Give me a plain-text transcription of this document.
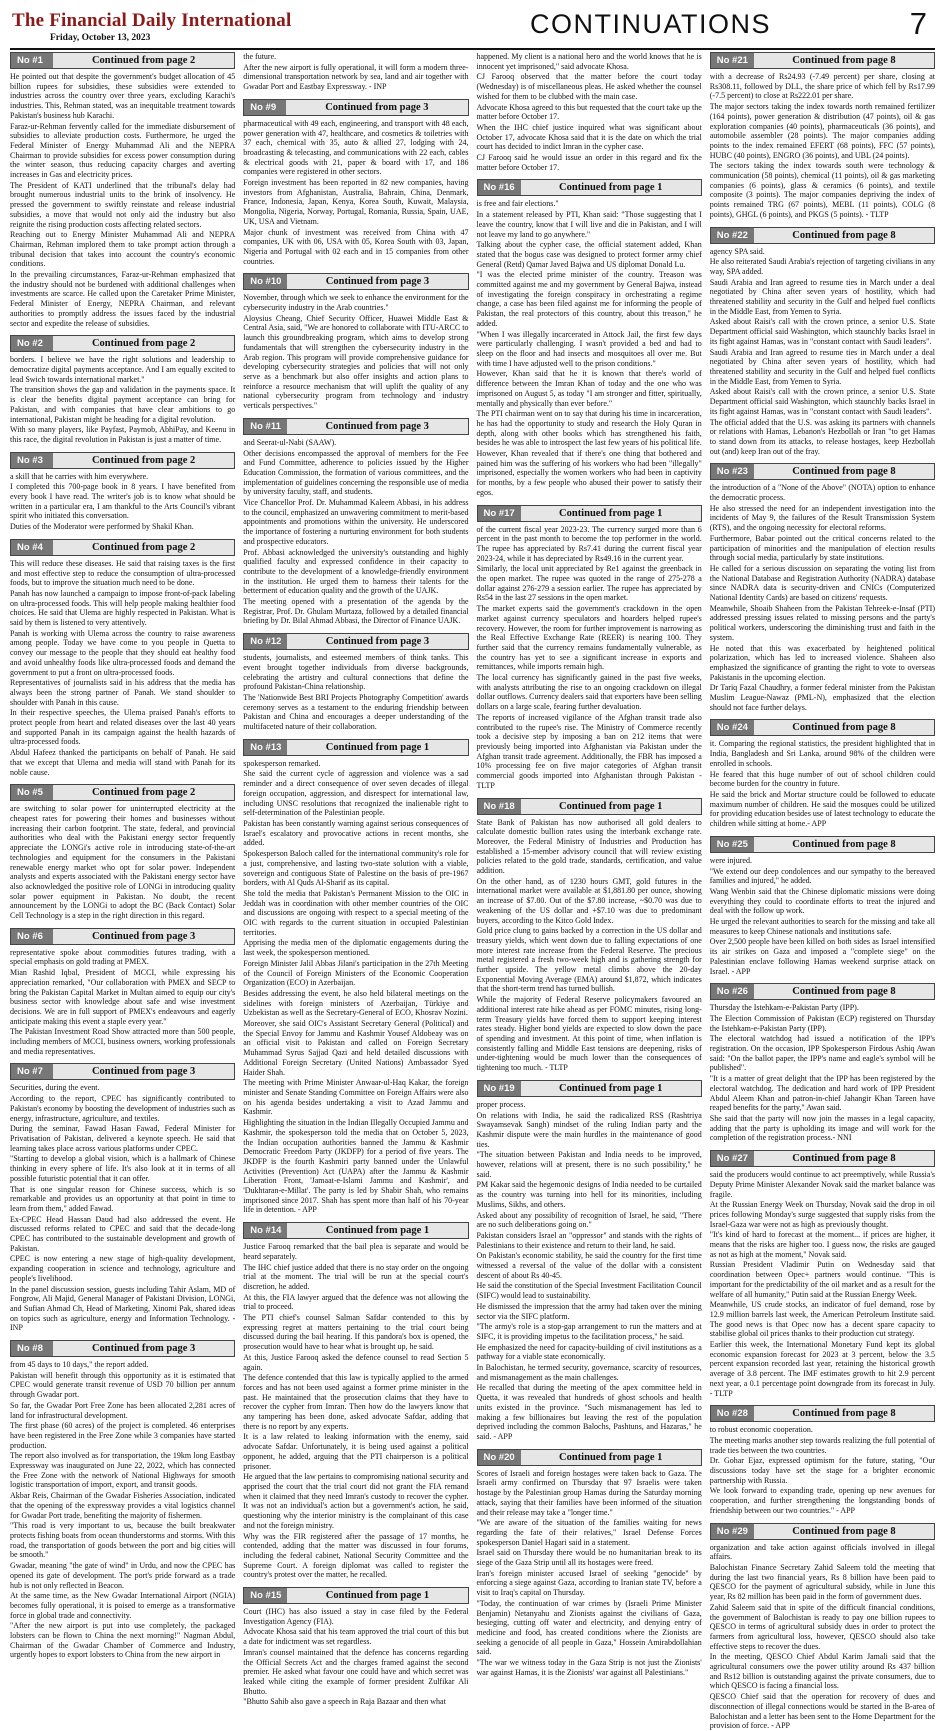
The Financial Daily International
Friday, October 13, 2023	CONTINUATIONS	7
No #1	Continued from page 2

He pointed out that despite the government's budget allocation of 45 billion rupees for subsidies, these subsidies were extended to industries across the country over three years, excluding Karachi's industries. This, Rehman stated, was an inequitable treatment towards Pakistan's business hub Karachi.

Faraz-ur-Rehman fervently called for the immediate disbursement of subsidies to alleviate production costs. Furthermore, he urged the Federal Minister of Energy Muhammad Ali and the NEPRA Chairman to provide subsidies for excess power consumption during the winter season, thus reducing capacity charges and averting increases in Gas and electricity prices.

The President of KATI underlined that the tribunal's delay had brought numerous industrial units to the brink of insolvency. He pressed the government to swiftly reinstate and release industrial subsidies, a move that would not only aid the industry but also reignite the rising production costs affecting related sectors.

Reaching out to Energy Minister Muhammad Ali and NEPRA Chairman, Rehman implored them to take prompt action through a tribunal decision that takes into account the country's economic conditions.

In the prevailing circumstances, Faraz-ur-Rehman emphasized that the industry should not be burdened with additional challenges when investments are scarce. He called upon the Caretaker Prime Minister, Federal Minister of Energy, NEPRA Chairman, and relevant authorities to promptly address the issues faced by the industrial sector and expedite the release of subsidies.

No #2	Continued from page 2

borders. I believe we have the right solutions and leadership to democratize digital payments acceptance. And I am equally excited to lead Swich towards international market."

The transition shows the gap and validation in the payments space. It is clear the benefits digital payment acceptance can bring for Pakistan, and with companies that have clear ambitions to go international, Pakistan might be heading for a digital revolution.

With so many players, like Payfast, Paymob, AbhiPay, and Keenu in this race, the digital revolution in Pakistan is just a matter of time.

No #3	Continued from page 2

a skill that he carries with him everywhere.

I completed this 700-page book in 8 years. I have benefited from every book I have read. The writer's job is to know what should be written in a particular era, I am thankful to the Arts Council's vibrant spirit who initiated this conversation.

Duties of the Moderator were performed by Shakil Khan.

No #4	Continued from page 2

This will reduce these diseases. He said that raising taxes is the first and most effective step to reduce the consumption of ultra-processed foods, but to improve the situation much need to be done.

Panah has now launched a campaign to impose front-of-pack labeling on ultra-processed foods. This will help people making healthier food choices. He said that Ulema are highly respected in Pakistan. What is said by them is listened to very attentively.

Panah is working with Ulema across the country to raise awareness among people. Today we have come to you people in Quetta to convey our message to the people that they should eat healthy food and avoid unhealthy foods like ultra-processed foods and demand the government to put a front on ultra-processed foods.

Representatives of journalists said in his address that the media has always been the strong partner of Panah. We stand shoulder to shoulder with Panah in this cause.

In their respective speeches, the Ulema praised Panah's efforts to protect people from heart and related diseases over the last 40 years and supported Panah in its campaign against the health hazards of ultra-processed foods.

Abdul Hafeez thanked the participants on behalf of Panah. He said that we except that Ulema and media will stand with Panah for its noble cause.

No #5	Continued from page 2

are switching to solar power for uninterrupted electricity at the cheapest rates for powering their homes and businesses without increasing their carbon footprint. The state, federal, and provincial authorities who deal with the Pakistani energy sector frequently appreciate the LONGi's active role in introducing state-of-the-art technologies and equipment for the consumers in the Pakistani renewable energy market who opt for solar power. Independent analysts and experts associated with the Pakistani energy sector have also acknowledged the positive role of LONGi in introducing quality solar power equipment in Pakistan. No doubt, the recent announcement by the LONGi to adopt the BC (Back Contact) Solar Cell Technology is a step in the right direction in this regard.

No #6	Continued from page 3

representative spoke about commodities futures trading, with a special emphasis on gold trading at PMEX.

Mian Rashid Iqbal, President of MCCI, while expressing his appreciation remarked, "Our collaboration with PMEX and SECP to bring the Pakistan Capital Market in Multan aimed to equip our city's business sector with knowledge about safe and wise investment decisions. We are in full support of PMEX's endeavours and eagerly anticipate making this event a staple every year."

The Pakistan Investment Road Show attracted more than 500 people, including members of MCCI, business owners, working professionals and media representatives.

No #7	Continued from page 3

Securities, during the event.

According to the report, CPEC has significantly contributed to Pakistan's economy by boosting the development of industries such as energy, infrastructure, agriculture, and textiles.

During the seminar, Fawad Hasan Fawad, Federal Minister for Privatisation of Pakistan, delivered a keynote speech. He said that learning takes place across various platforms under CPEC.

"Starting to develop a global vision, which is a hallmark of Chinese thinking in every sphere of life. It's also look at it in terms of all possible futuristic potential that it can offer.

That is one singular reason for Chinese success, which is so remarkable and provides us an opportunity at that point in time to learn from them," added Fawad.

Ex-CPEC Head Hassan Daud had also addressed the event. He discussed reforms related to CPEC and said that the decade-long CPEC has contributed to the sustainable development and growth of Pakistan.

CPEC is now entering a new stage of high-quality development, expanding cooperation in science and technology, agriculture and people's livelihood.

In the panel discussion session, guests including Tahir Aslam, MD of Fongrow, Ali Majid, General Manager of Pakistani Division, LONGi, and Sufian Ahmad Ch, Head of Marketing, Xinomi Pak, shared ideas on topics such as agriculture, energy and Information Technology. - INP

No #8	Continued from page 3

from 45 days to 10 days," the report added.

Pakistan will benefit through this opportunity as it is estimated that CPEC would generate transit revenue of USD 70 billion per annum through Gwadar port.

So far, the Gwadar Port Free Zone has been allocated 2,281 acres of land for infrastructural development.

The first phase (60 acres) of the project is completed. 46 enterprises have been registered in the Free Zone while 3 companies have started production.

The report also involved as for transportation, the 19km long Eastbay Expressway was inaugurated on June 22, 2022, which has connected the Free Zone with the network of National Highways for smooth logistic transportation of import, export, and transit goods.

Akbar Reis, Chairman of the Gwadar Fisheries Association, indicated that the opening of the expressway provides a vital logistics channel for Gwadar Port trade, benefiting the majority of fishermen.

"This road is very important to us, because the built breakwater protects fishing boats from ocean thunderstorms and storms. With this road, the transportation of goods between the port and big cities will be smooth."

Gwadar, meaning "the gate of wind" in Urdu, and now the CPEC has opened its gate of development. The port's pride forward as a trade hub is not only reflected in Beacon.

At the same time, as the New Gwadar International Airport (NGIA) becomes fully operational, it is poised to emerge as a transformative force in global trade and connectivity.

"After the new airport is put into use completely, the packaged lobsters can be flown to China the next morning!" Nagman Abdul, Chairman of the Gwadar Chamber of Commerce and Industry, urgently hopes to export lobsters to China from the new airport in

the future.

After the new airport is fully operational, it will form a modern three-dimensional transportation network by sea, land and air together with Gwadar Port and Eastbay Expressway. - INP

No #9	Continued from page 3

pharmaceutical with 49 each, engineering, and transport with 48 each, power generation with 47, healthcare, and cosmetics & toiletries with 37 each, chemical with 35, auto & allied 27, lodging with 24, broadcasting & telecasting, and communications with 22 each, cables & electrical goods with 21, paper & board with 17, and 186 companies were registered in other sectors.

Foreign investment has been reported in 82 new companies, having investors from Afghanistan, Australia, Bahrain, China, Denmark, France, Indonesia, Japan, Kenya, Korea South, Kuwait, Malaysia, Mongolia, Nigeria, Norway, Portugal, Romania, Russia, Spain, UAE, UK, USA and Vietnam.

Major chunk of investment was received from China with 47 companies, UK with 06, USA with 05, Korea South with 03, Japan, Nigeria and Portugal with 02 each and in 15 companies from other countries.

No #10	Continued from page 3

November, through which we seek to enhance the environment for the cybersecurity industry in the Arab countries."

Aloysius Cheang, Chief Security Officer, Huawei Middle East & Central Asia, said, "We are honored to collaborate with ITU-ARCC to launch this groundbreaking program, which aims to develop strong fundamentals that will strengthen the cybersecurity industry in the Arab region. This program will provide comprehensive guidance for developing cybersecurity strategies and policies that will not only serve as a benchmark but also offer insights and action plans to reinforce a resource mechanism that will uplift the quality of any national cybersecurity program from technology and industry verticals perspectives."

No #11	Continued from page 3

and Seerat-ul-Nabi (SAAW).

Other decisions encompassed the approval of members for the Fee and Fund Committee, adherence to policies issued by the Higher Education Commission, the formation of various committees, and the implementation of guidelines concerning the responsible use of media by university faculty, staff, and students.

Vice Chancellor Prof. Dr. Muhammad Kaleem Abbasi, in his address to the council, emphasized an unwavering commitment to merit-based appointments and promotions within the university. He underscored the importance of fostering a nurturing environment for both students and prospective educators.

Prof. Abbasi acknowledged the university's outstanding and highly qualified faculty and expressed confidence in their capacity to contribute to the development of a knowledge-friendly environment in the institution. He urged them to harness their talents for the betterment of education quality and the growth of the UAJK.

The meeting opened with a presentation of the agenda by the Registrar, Prof. Dr. Ghulam Murtaza, followed by a detailed financial briefing by Dr. Bilal Ahmad Abbasi, the Director of Finance UAJK.

No #12	Continued from page 3

students, journalists, and esteemed members of think tanks. This event brought together individuals from diverse backgrounds, celebrating the artistry and cultural connections that define the profound Pakistan-China relationship.

The 'Nationwide Best BRI Projects Photography Competition' awards ceremony serves as a testament to the enduring friendship between Pakistan and China and encourages a deeper understanding of the multifaceted nature of their collaboration.

No #13	Continued from page 1

spokesperson remarked.

She said the current cycle of aggression and violence was a sad reminder and a direct consequence of over seven decades of illegal foreign occupation, aggression, and disrespect for international law, including UNSC resolutions that recognized the inalienable right to self-determination of the Palestinian people.

Pakistan has been constantly warning against serious consequences of Israel's escalatory and provocative actions in recent months, she added.

Spokesperson Baloch called for the international community's role for a just, comprehensive, and lasting two-state solution with a viable, sovereign and contiguous State of Palestine on the basis of pre-1967 borders, with Al Quds Al-Sharif as its capital.

She told the media that Pakistan's Permanent Mission to the OIC in Jeddah was in coordination with other member countries of the OIC and discussions are ongoing with respect to a special meeting of the OIC with regards to the current situation in occupied Palestinian territories.

Apprising the media men of the diplomatic engagements during the last week, the spokesperson mentioned.

Foreign Minister Jalil Abbas Jilani's participation in the 27th Meeting of the Council of Foreign Ministers of the Economic Cooperation Organization (ECO) in Azerbaijan.

Besides addressing the event, he also held bilateral meetings on the sidelines with foreign ministers of Azerbaijan, Türkiye and Uzbekistan as well as the Secretary-General of ECO, Khosrav Nozini.

Moreover, she said OIC's Assistant Secretary General (Political) and the Special Envoy for Jammu and Kashmir Yousef Aldobeay was on an official visit to Pakistan and called on Foreign Secretary Muhammad Syrus Sajjad Qazi and held detailed discussions with Additional Foreign Secretary (United Nations) Ambassador Syed Haider Shah.

The meeting with Prime Minister Anwaar-ul-Haq Kakar, the foreign minister and Senate Standing Committee on Foreign Affairs were also on his agenda besides undertaking a visit to Azad Jammu and Kashmir.

Highlighting the situation in the Indian Illegally Occupied Jammu and Kashmir, the spokesperson told the media that on October 5, 2023, the Indian occupation authorities banned the Jammu & Kashmir Democratic Freedom Party (JKDFP) for a period of five years. The JKDFP is the fourth Kashmiri party banned under the Unlawful Activities (Prevention) Act (UAPA) after the Jammu & Kashmir Liberation Front, 'Jamaat-e-Islami Jammu and Kashmir', and 'Dukhtaran-e-Millat'. The party is led by Shabir Shah, who remains imprisoned since 2017. Shah has spent more than half of his 70-year life in detention. - APP

No #14	Continued from page 1

Justice Farooq remarked that the bail plea is separate and would be heard separately.

The IHC chief justice added that there is no stay order on the ongoing trial at the moment. The trial will be run at the special court's discretion, he added.

At this, the FIA lawyer argued that the defence was not allowing the trial to proceed.

The PTI chief's counsel Salman Safdar contended to this by expressing regret at matters pertaining to the trial court being discussed during the bail hearing. If this pandora's box is opened, the prosecution would have to hear what is brought up, he said.

At this, Justice Farooq asked the defence counsel to read Section 5 again.

The defence contended that this law is typically applied to the armed forces and has not been used against a former prime minister in the past. He maintained that the prosecution claims that they have to recover the cypher from Imran. Then how do the lawyers know that any tampering has been done, asked advocate Safdar, adding that there is no report by any experts.

It is a law related to leaking information with the enemy, said advocate Safdar. Unfortunately, it is being used against a political opponent, he added, arguing that the PTI chairperson is a political prisoner.

He argued that the law pertains to compromising national security and apprised the court that the trial court did not grant the FIA remand when it claimed that they need Imran's custody to recover the cypher. It was not an individual's action but a government's action, he said, questioning why the interior ministry is the complainant of this case and not the foreign ministry.

Why was the FIR registered after the passage of 17 months, he contended, adding that the matter was discussed in four forums, including the federal cabinet, National Security Committee and the Supreme Court. A foreign diplomat was called to register the country's protest over the matter, he recalled.

No #15	Continued from page 1

Court (IHC) has also issued a stay in case filed by the Federal Investigation Agency (FIA).

Advocate Khosa said that his team approved the trial court of this but a date for indictment was set regardless.

Imran's counsel maintained that the defence has concerns regarding the Official Secrets Act and the charges framed against the second premier. He asked what favour one could have and which secret was leaked while citing the example of former president Zulfikar Ali Bhutto.

"Bhutto Sahib also gave a speech in Raja Bazaar and then what

happened. My client is a national hero and the world knows that he is innocent yet imprisoned," said advocate Khosa.

CJ Farooq observed that the matter before the court today (Wednesday) is of miscellaneous pleas. He asked whether the counsel wished for them to be clubbed with the main case.

Advocate Khosa agreed to this but requested that the court take up the matter before October 17.

When the IHC chief justice inquired what was significant about October 17, advocate Khosa said that it is the date on which the trial court has decided to indict Imran in the cypher case.

CJ Farooq said he would issue an order in this regard and fix the matter before October 17.

No #16	Continued from page 1

is free and fair elections."

In a statement released by PTI, Khan said: "Those suggesting that I leave the country, know that I will live and die in Pakistan, and I will not leave my land to go anywhere."

Talking about the cypher case, the official statement added, Khan stated that the bogus case was designed to protect former army chief General (Retd) Qamar Javed Bajwa and US diplomat Donald Lu.

"I was the elected prime minister of the country. Treason was committed against me and my government by General Bajwa, instead of investigating the foreign conspiracy in orchestrating a regime change, a case has been filed against me for informing the people of Pakistan, the real protectors of this country, about this treason," he added.

"When I was illegally incarcerated in Attock Jail, the first few days were particularly challenging. I wasn't provided a bed and had to sleep on the floor and had insects and mosquitoes all over me. But with time I have adjusted well to the prison conditions."

However, Khan said that he it is known that there's world of difference between the Imran Khan of today and the one who was imprisoned on August 5, as today "I am stronger and fitter, spiritually, mentally and physically than ever before."

The PTI chairman went on to say that during his time in incarceration, he has had the opportunity to study and research the Holy Quran in depth, along with other books which has strengthened his faith, besides he was able to introspect the last few years of his political life.

However, Khan revealed that if there's one thing that bothered and pained him was the suffering of his workers who had been "illegally" imprisoned, especially the women workers who had been in captivity for months, by a few people who abused their power to satisfy their egos.

No #17	Continued from page 1

of the current fiscal year 2023-23. The currency surged more than 6 percent in the past month to become the top performer in the world. The rupee has appreciated by Rs7.41 during the current fiscal year 2023-24, while it has depreciated by Rs49.16 in the current year.

Similarly, the local unit appreciated by Re1 against the greenback in the open market. The rupee was quoted in the range of 275-278 a dollar against 276-279 a session earlier. The rupee has appreciated by Rs54 in the last 27 sessions in the open market.

The market experts said the government's crackdown in the open market against currency speculators and hoarders helped rupee's recovery. However, the room for further improvement is narrowing as the Real Effective Exchange Rate (REER) is nearing 100. They further said that the currency remains fundamentally vulnerable, as the country has yet to see a significant increase in exports and remittances, while imports remain high.

The local currency has significantly gained in the past five weeks, with analysts attributing the rise to an ongoing crackdown on illegal dollar outflows. Currency dealers said that exporters have been selling dollars on a large scale, fearing further devaluation.

The reports of increased vigilance of the Afghan transit trade also contributed to the rupee's rise. The Ministry of Commerce recently took a decisive step by imposing a ban on 212 items that were previously being imported into Afghanistan via Pakistan under the Afghan transit trade agreement. Additionally, the FBR has imposed a 10% processing fee on five major categories of Afghan transit commercial goods imported into Afghanistan through Pakistan - TLTP

No #18	Continued from page 1

State Bank of Pakistan has now authorised all gold dealers to calculate domestic bullion rates using the interbank exchange rate. Moreover, the Federal Ministry of Industries and Production has established a 15-member advisory council that will review existing policies related to the gold trade, standards, certification, and value addition.

On the other hand, as of 1230 hours GMT, gold futures in the international market were available at $1,881.80 per ounce, showing an increase of $7.80. Out of the $7.80 increase, ~$0.70 was due to weakening of the US dollar and +$7.10 was due to predominant buyers, according to the Kitco Gold Index.

Gold price clung to gains backed by a correction in the US dollar and treasury yields, which went down due to falling expectations of one more interest rate increase from the Federal Reserve. The precious metal registered a fresh two-week high and is gathering strength for further upside. The yellow metal climbs above the 20-day Exponential Moving Average (EMA) around $1,872, which indicates that the short-term trend has turned bullish.

While the majority of Federal Reserve policymakers favoured an additional interest rate hike ahead as per FOMC minutes, rising long-term Treasury yields have forced them to support keeping interest rates steady. Higher bond yields are expected to slow down the pace of spending and investment. At this point of time, when inflation is consistently falling and Middle East tensions are deepening, risks of under-tightening would be much lower than the consequences of tightening too much. - TLTP

No #19	Continued from page 1

proper process.

On relations with India, he said the radicalized RSS (Rashtriya Swayamsevak Sangh) mindset of the ruling Indian party and the Kashmir dispute were the main hurdles in the maintenance of good ties.

"The situation between Pakistan and India needs to be improved, however, relations will at present, there is no such possibility," he said.

PM Kakar said the hegemonic designs of India needed to be curtailed as the country was turning into hell for its minorities, including Muslims, Sikhs, and others.

Asked about any possibility of recognition of Israel, he said, "There are no such deliberations going on."

Pakistan considers Israel an "oppressor" and stands with the rights of Palestinians to their existence and return to their land, he said.

On Pakistan's economic stability, he said the country for the first time witnessed a reversal of the value of the dollar with a consistent descent of about Rs 40-45.

He said the constitution of the Special Investment Facilitation Council (SIFC) would lead to sustainability.

He dismissed the impression that the army had taken over the mining sector via the SIFC platform.

"The army's role is a stop-gap arrangement to run the matters and at SIFC, it is providing impetus to the facilitation process," he said.

He emphasized the need for capacity-building of civil institutions as a pathway for a viable state economically.

In Balochistan, he termed security, governance, scarcity of resources, and mismanagement as the main challenges.

He recalled that during the meeting of the apex committee held in Quetta, it was revealed that hundreds of ghost schools and health units existed in the province. "Such mismanagement has led to making a few billionaires but leaving the rest of the population deprived including the common Balochs, Pashtuns, and Hazaras," he said. - APP

No #20	Continued from page 1

Scores of Israeli and foreign hostages were taken back to Gaza. The Israeli army confirmed on Thursday that 97 Israelis were taken hostage by the Palestinian group Hamas during the Saturday morning attack, saying that their families have been informed of the situation and their release may take a "longer time."

"We are aware of the situation of the families waiting for news regarding the fate of their relatives," Israel Defense Forces spokesperson Daniel Hagari said in a statement.

Israel said on Thursday there would be no humanitarian break to its siege of the Gaza Strip until all its hostages were freed.

Iran's foreign minister accused Israel of seeking "genocide" by enforcing a siege against Gaza, according to Iranian state TV, before a visit to Iraq's capital on Thursday.

"Today, the continuation of war crimes by (Israeli Prime Minister Benjamin) Netanyahu and Zionists against the civilians of Gaza, besieging, cutting off water and electricity, and denying entry of medicine and food, has created conditions where the Zionists are seeking a genocide of all people in Gaza," Hossein Amirabdollahian said.

"The war we witness today in the Gaza Strip is not just the Zionists' war against Hamas, it is the Zionists' war against all Palestinians."

No #21	Continued from page 8

with a decrease of Rs24.93 (-7.49 percent) per share, closing at Rs308.11, followed by DLL, the share price of which fell by Rs17.99 (-7.5 percent) to close at Rs222.01 per share.

The major sectors taking the index towards north remained fertilizer (164 points), power generation & distribution (47 points), oil & gas exploration companies (40 points), pharmaceuticals (36 points), and automobile assembler (28 points). The major companies adding points to the index remained EFERT (68 points), FFC (57 points), HUBC (40 points), ENGRO (36 points), and UBL (24 points).

The sectors taking the index towards south were technology & communication (58 points), chemical (11 points), oil & gas marketing companies (6 points), glass & ceramics (6 points), and textile composite (3 points). The major companies depriving the index of points remained TRG (67 points), MEBL (11 points), COLG (8 points), GHGL (6 points), and PKGS (5 points). - TLTP

No #22	Continued from page 8

agency SPA said.

He also reiterated Saudi Arabia's rejection of targeting civilians in any way, SPA added.

Saudi Arabia and Iran agreed to resume ties in March under a deal negotiated by China after seven years of hostility, which had threatened stability and security in the Gulf and helped fuel conflicts in the Middle East, from Yemen to Syria.

Asked about Raisi's call with the crown prince, a senior U.S. State Department official said Washington, which staunchly backs Israel in its fight against Hamas, was in "constant contact with Saudi leaders".

Saudi Arabia and Iran agreed to resume ties in March under a deal negotiated by China after seven years of hostility, which had threatened stability and security in the Gulf and helped fuel conflicts in the Middle East, from Yemen to Syria.

Asked about Raisi's call with the crown prince, a senior U.S. State Department official said Washington, which staunchly backs Israel in its fight against Hamas, was in "constant contact with Saudi leaders".

The official added that the U.S. was asking its partners with channels or relations with Hamas, Lebanon's Hezbollah or Iran "to get Hamas to stand down from its attacks, to release hostages, keep Hezbollah out (and) keep Iran out of the fray.

No #23	Continued from page 8

the introduction of a "None of the Above" (NOTA) option to enhance the democratic process.

He also stressed the need for an independent investigation into the incidents of May 9, the failures of the Result Transmission System (RTS), and the ongoing necessity for electoral reforms.

Furthermore, Babar pointed out the critical concerns related to the participation of minorities and the manipulation of election results through social media, particularly by state institutions.

He called for a serious discussion on separating the voting list from the National Database and Registration Authority (NADRA) database since NADRA data is security-driven and CNICs (Computerized National Identity Cards) are based on citizens' requests.

Meanwhile, Shoaib Shaheen from the Pakistan Tehreek-e-Insaf (PTI) addressed pressing issues related to missing persons and the party's political workers, underscoring the diminishing trust and faith in the system.

He noted that this was exacerbated by heightened political polarization, which has led to increased violence. Shaheen also emphasized the significance of granting the right to vote to overseas Pakistanis in the upcoming election.

Dr Tariq Fazal Chaudhry, a former federal minister from the Pakistan Muslim League-Nawaz (PML-N), emphasized that the election should not face further delays.

No #24	Continued from page 8

it. Comparing the regional statistics, the president highlighted that in India, Bangladesh and Sri Lanka, around 98% of the children were enrolled in schools.

He feared that this huge number of out of school children could become burden for the country in future.

He said the brick and Mortar structure could be followed to educate maximum number of children. He said the mosques could be utilized for providing education besides use of latest technology to educate the children while sitting at home.- APP

No #25	Continued from page 8

were injured.

"We extend our deep condolences and our sympathy to the bereaved families and injured," he added.

Wang Wenbin said that the Chinese diplomatic missions were doing everything they could to coordinate efforts to treat the injured and deal with the follow up work.

He urged the relevant authorities to search for the missing and take all measures to keep Chinese nationals and institutions safe.

Over 2,500 people have been killed on both sides as Israel intensified its air strikes on Gaza and imposed a "complete siege" on the Palestinian enclave following Hamas weekend surprise attack on Israel. - APP

No #26	Continued from page 8

Thursday the Istehkam-e-Pakistan Party (IPP).

The Election Commission of Pakistan (ECP) registered on Thursday the Istehkam-e-Pakistan Party (IPP).

The electoral watchdog had issued a notification of the IPP's registration. On the occasion, IPP Spokesperson Firdous Ashiq Awan said: "On the ballot paper, the IPP's name and eagle's symbol will be published".

"It is a matter of great delight that the IPP has been registered by the electoral watchdog. The dedication and hard work of IPP President Abdul Aleem Khan and patron-in-chief Jahangir Khan Tareen have reaped benefits for the party," Awan said.

She said that the party will now join the masses in a legal capacity, adding that the party is upholding its image and will work for the completion of the registration process.- NNI

No #27	Continued from page 8

said the producers would continue to act preemptively, while Russia's Deputy Prime Minister Alexander Novak said the market balance was fragile.

At the Russian Energy Week on Thursday, Novak said the drop in oil prices following Monday's surge suggested that supply risks from the Israel-Gaza war were not as high as previously thought.

"It's kind of hard to forecast at the moment... if prices are higher, it means that the risks are higher too. I guess now, the risks are gauged as not as high at the moment," Novak said.

Russian President Vladimir Putin on Wednesday said that coordination between Opec+ partners would continue. "This is important for the predictability of the oil market and as a result for the welfare of all humanity," Putin said at the Russian Energy Week.

Meanwhile, US crude stocks, an indicator of fuel demand, rose by 12.9 million barrels last week, the American Petroleum Institute said. The good news is that Opec now has a decent spare capacity to stabilise global oil prices thanks to their production cut strategy.

Earlier this week, the International Monetary Fund kept its global economic expansion forecast for 2023 at 3 percent, below the 3.5 percent expansion recorded last year, retaining the historical growth average of 3.8 percent. The IMF estimates growth to hit 2.9 percent next year, a 0.1 percentage point downgrade from its forecast in July. - TLTP

No #28	Continued from page 8

to robust economic cooperation.

The meeting marks another step towards realizing the full potential of trade ties between the two countries.

Dr. Gohar Ejaz, expressed optimism for the future, stating, "Our discussions today have set the stage for a brighter economic partnership with Russia.

We look forward to expanding trade, opening up new avenues for cooperation, and further strengthening the longstanding bonds of friendship between our two countries." - APP

No #29	Continued from page 8

organization and take action against officials involved in illegal affairs.

Balochistan Finance Secretary Zahid Saleem told the meeting that during the last two financial years, Rs 8 billion have been paid to QESCO for the payment of agricultural subsidy, while in June this year, Rs 82 million has been paid in the form of government dues.

Zahid Saleem said that in spite of the difficult financial conditions, the government of Balochistan is ready to pay one billion rupees to QESCO in terms of agricultural subsidy dues in order to protect the farmers from agricultural loss, however, QESCO should also take effective steps to recover the dues.

In the meeting, QESCO Chief Abdul Karim Jamali said that the agricultural consumers owe the power utility around Rs 437 billion and Rs12 billion is outstanding against the private consumers, due to which QESCO is facing a financial loss.

QESCO Chief said that the operation for recovery of dues and disconnection of illegal connections would be started in the B-area of Balochistan and a letter has been sent to the Home Department for the provision of force. - APP
